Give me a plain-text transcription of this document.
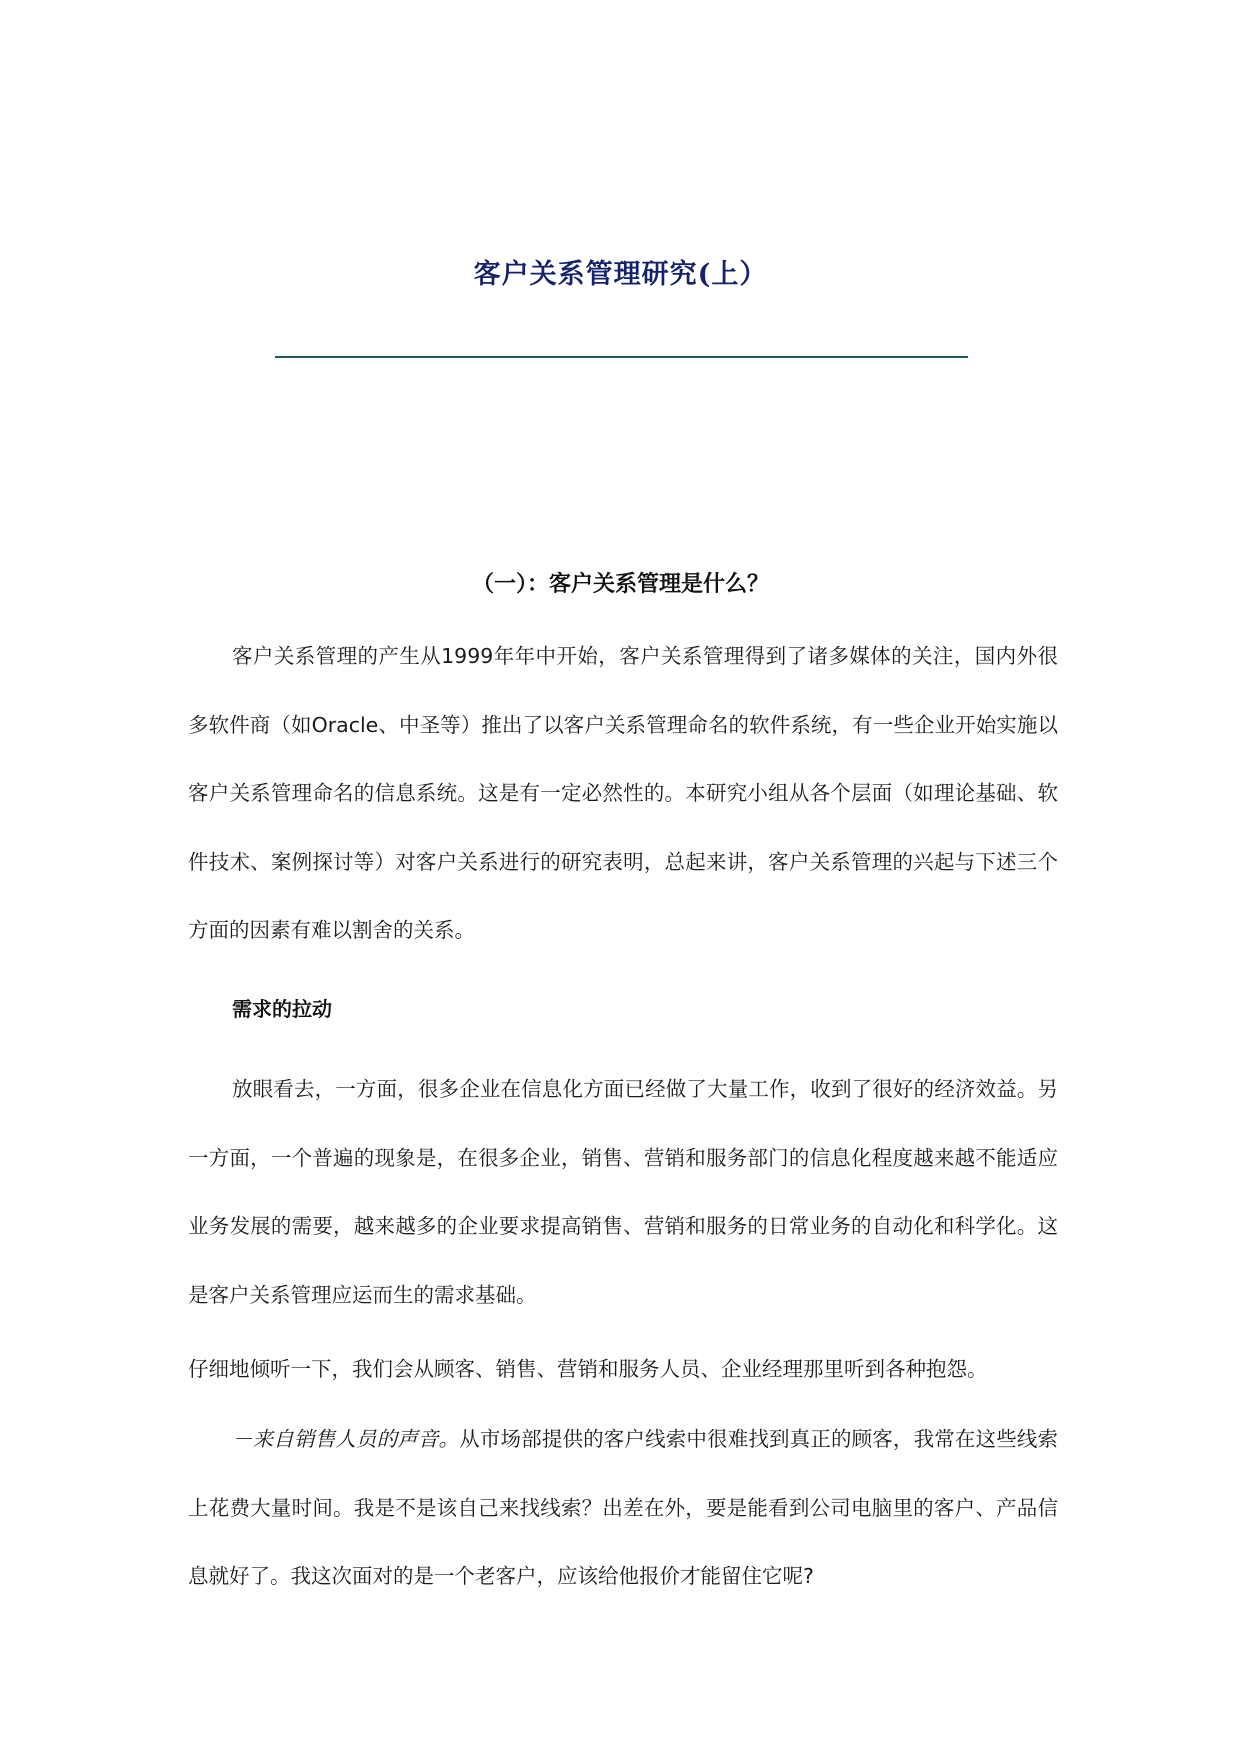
客户关系管理研究(上）
（一）：客户关系管理是什么？
客户关系管理的产生从1999年年中开始，客户关系管理得到了诸多媒体的关注，国内外很多软件商（如Oracle、中圣等）推出了以客户关系管理命名的软件系统，有一些企业开始实施以客户关系管理命名的信息系统。这是有一定必然性的。本研究小组从各个层面（如理论基础、软件技术、案例探讨等）对客户关系进行的研究表明，总起来讲，客户关系管理的兴起与下述三个方面的因素有难以割舍的关系。
需求的拉动
放眼看去，一方面，很多企业在信息化方面已经做了大量工作，收到了很好的经济效益。另一方面，一个普遍的现象是，在很多企业，销售、营销和服务部门的信息化程度越来越不能适应业务发展的需要，越来越多的企业要求提高销售、营销和服务的日常业务的自动化和科学化。这是客户关系管理应运而生的需求基础。
仔细地倾听一下，我们会从顾客、销售、营销和服务人员、企业经理那里听到各种抱怨。
－来自销售人员的声音。从市场部提供的客户线索中很难找到真正的顾客，我常在这些线索上花费大量时间。我是不是该自己来找线索？出差在外，要是能看到公司电脑里的客户、产品信息就好了。我这次面对的是一个老客户，应该给他报价才能留住它呢?
